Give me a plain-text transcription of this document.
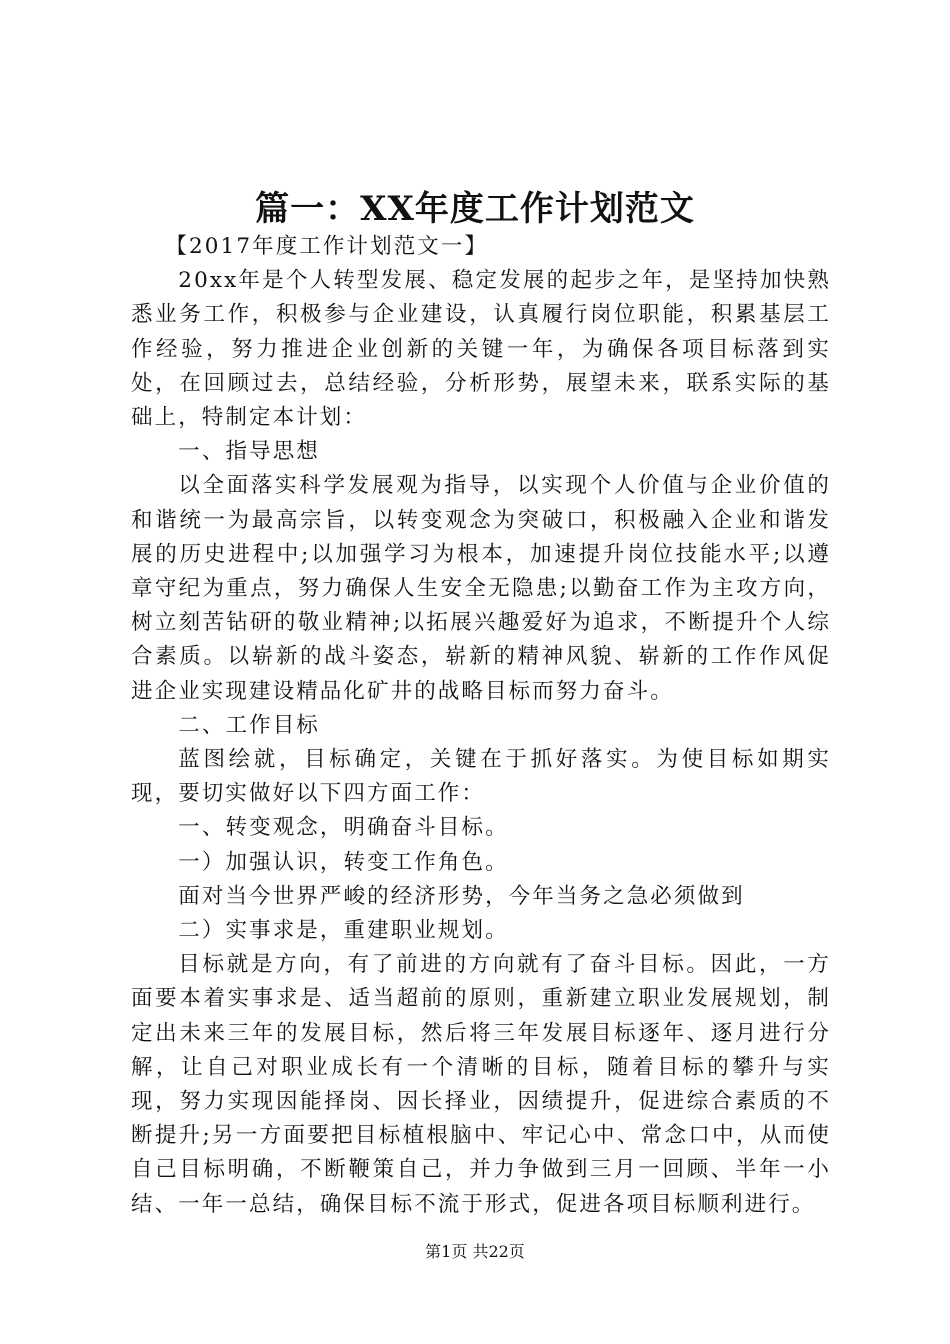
篇一：XX年度工作计划范文

【2017年度工作计划范文一】

20xx年是个人转型发展、稳定发展的起步之年，是坚持加快熟悉业务工作，积极参与企业建设，认真履行岗位职能，积累基层工作经验，努力推进企业创新的关键一年，为确保各项目标落到实处，在回顾过去，总结经验，分析形势，展望未来，联系实际的基础上，特制定本计划：

一、指导思想

以全面落实科学发展观为指导，以实现个人价值与企业价值的和谐统一为最高宗旨，以转变观念为突破口，积极融入企业和谐发展的历史进程中;以加强学习为根本，加速提升岗位技能水平;以遵章守纪为重点，努力确保人生安全无隐患;以勤奋工作为主攻方向，树立刻苦钻研的敬业精神;以拓展兴趣爱好为追求，不断提升个人综合素质。以崭新的战斗姿态，崭新的精神风貌、崭新的工作作风促进企业实现建设精品化矿井的战略目标而努力奋斗。

二、工作目标

蓝图绘就，目标确定，关键在于抓好落实。为使目标如期实现，要切实做好以下四方面工作：

一、转变观念，明确奋斗目标。

一）加强认识，转变工作角色。

面对当今世界严峻的经济形势，今年当务之急必须做到

二）实事求是，重建职业规划。

目标就是方向，有了前进的方向就有了奋斗目标。因此，一方面要本着实事求是、适当超前的原则，重新建立职业发展规划，制定出未来三年的发展目标，然后将三年发展目标逐年、逐月进行分解，让自己对职业成长有一个清晰的目标，随着目标的攀升与实现，努力实现因能择岗、因长择业，因绩提升，促进综合素质的不断提升;另一方面要把目标植根脑中、牢记心中、常念口中，从而使自己目标明确，不断鞭策自己，并力争做到三月一回顾、半年一小结、一年一总结，确保目标不流于形式，促进各项目标顺利进行。

第1页 共22页
